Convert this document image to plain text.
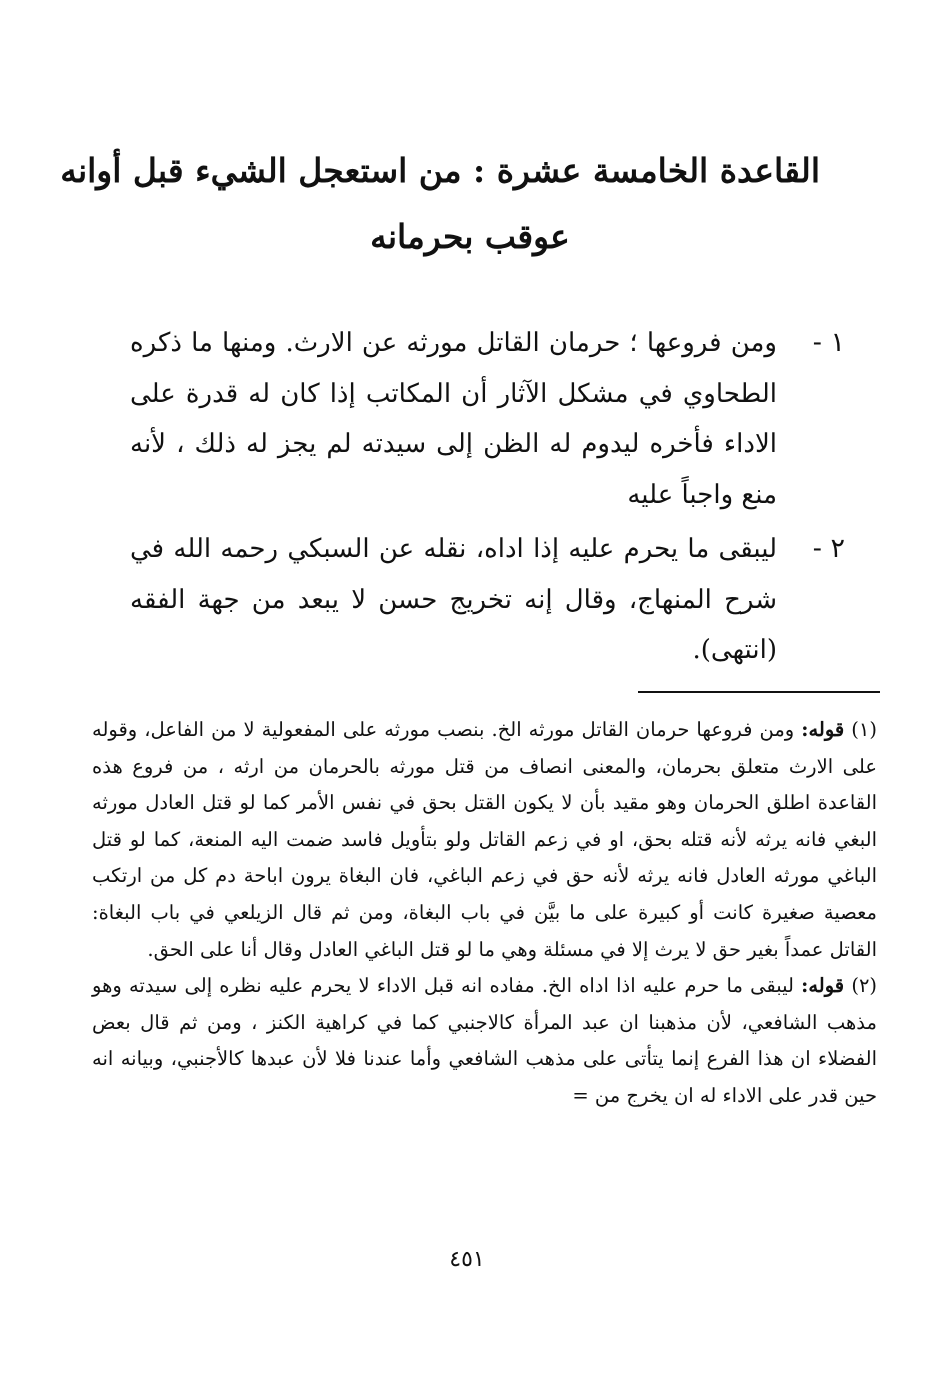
القاعدة الخامسة عشرة : من استعجل الشيء قبل أوانه
عوقب بحرمانه
١ -
ومن فروعها ؛ حرمان القاتل مورثه عن الارث. ومنها ما ذكره الطحاوي في مشكل الآثار أن المكاتب إذا كان له قدرة على الاداء فأخره ليدوم له الظن إلى سيدته لم يجز له ذلك ، لأنه منع واجباً عليه
٢ -
ليبقى ما يحرم عليه إذا اداه، نقله عن السبكي رحمه الله في شرح المنهاج، وقال إنه تخريج حسن لا يبعد من جهة الفقه (انتهى).
(١) قوله: ومن فروعها حرمان القاتل مورثه الخ. بنصب مورثه على المفعولية لا من الفاعل، وقوله على الارث متعلق بحرمان، والمعنى انصاف من قتل مورثه بالحرمان من ارثه ، من فروع هذه القاعدة اطلق الحرمان وهو مقيد بأن لا يكون القتل بحق في نفس الأمر كما لو قتل العادل مورثه البغي فانه يرثه لأنه قتله بحق، او في زعم القاتل ولو بتأويل فاسد ضمت اليه المنعة، كما لو قتل الباغي مورثه العادل فانه يرثه لأنه حق في زعم الباغي، فان البغاة يرون اباحة دم كل من ارتكب معصية صغيرة كانت أو كبيرة على ما بيَّن في باب البغاة، ومن ثم قال الزيلعي في باب البغاة: القاتل عمداً بغير حق لا يرث إلا في مسئلة وهي ما لو قتل الباغي العادل وقال أنا على الحق.
(٢) قوله: ليبقى ما حرم عليه اذا اداه الخ. مفاده انه قبل الاداء لا يحرم عليه نظره إلى سيدته وهو مذهب الشافعي، لأن مذهبنا ان عبد المرأة كالاجنبي كما في كراهية الكنز ، ومن ثم قال بعض الفضلاء ان هذا الفرع إنما يتأتى على مذهب الشافعي وأما عندنا فلا لأن عبدها كالأجنبي، وبيانه انه حين قدر على الاداء له ان يخرج من =
٤٥١
